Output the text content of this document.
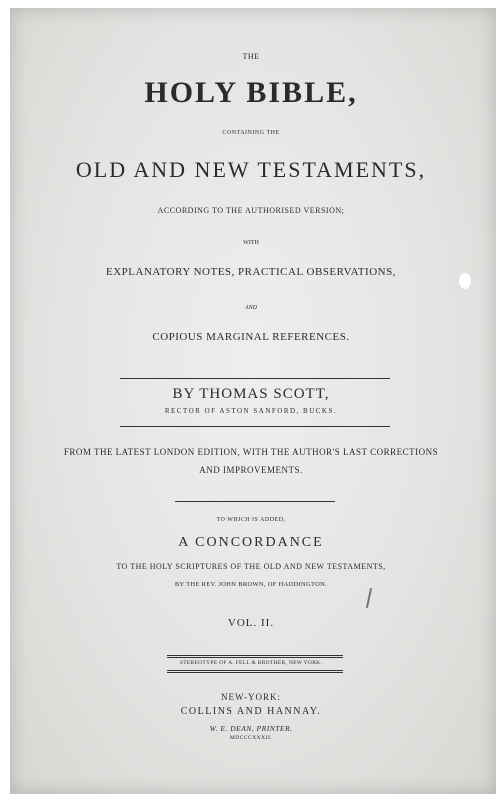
THE
HOLY BIBLE,
CONTAINING THE
OLD AND NEW TESTAMENTS,
ACCORDING TO THE AUTHORISED VERSION;
WITH
EXPLANATORY NOTES, PRACTICAL OBSERVATIONS,
AND
COPIOUS MARGINAL REFERENCES.
BY THOMAS SCOTT,
RECTOR OF ASTON SANFORD, BUCKS.
FROM THE LATEST LONDON EDITION, WITH THE AUTHOR'S LAST CORRECTIONS
AND IMPROVEMENTS.
TO WHICH IS ADDED,
A CONCORDANCE
TO THE HOLY SCRIPTURES OF THE OLD AND NEW TESTAMENTS,
BY THE REV. JOHN BROWN, OF HADDINGTON.
VOL. II.
STEREOTYPE OF A. FELL & BROTHER, NEW YORK.
NEW-YORK:
COLLINS AND HANNAY.
W. E. DEAN, PRINTER.
MDCCCXXXII.
